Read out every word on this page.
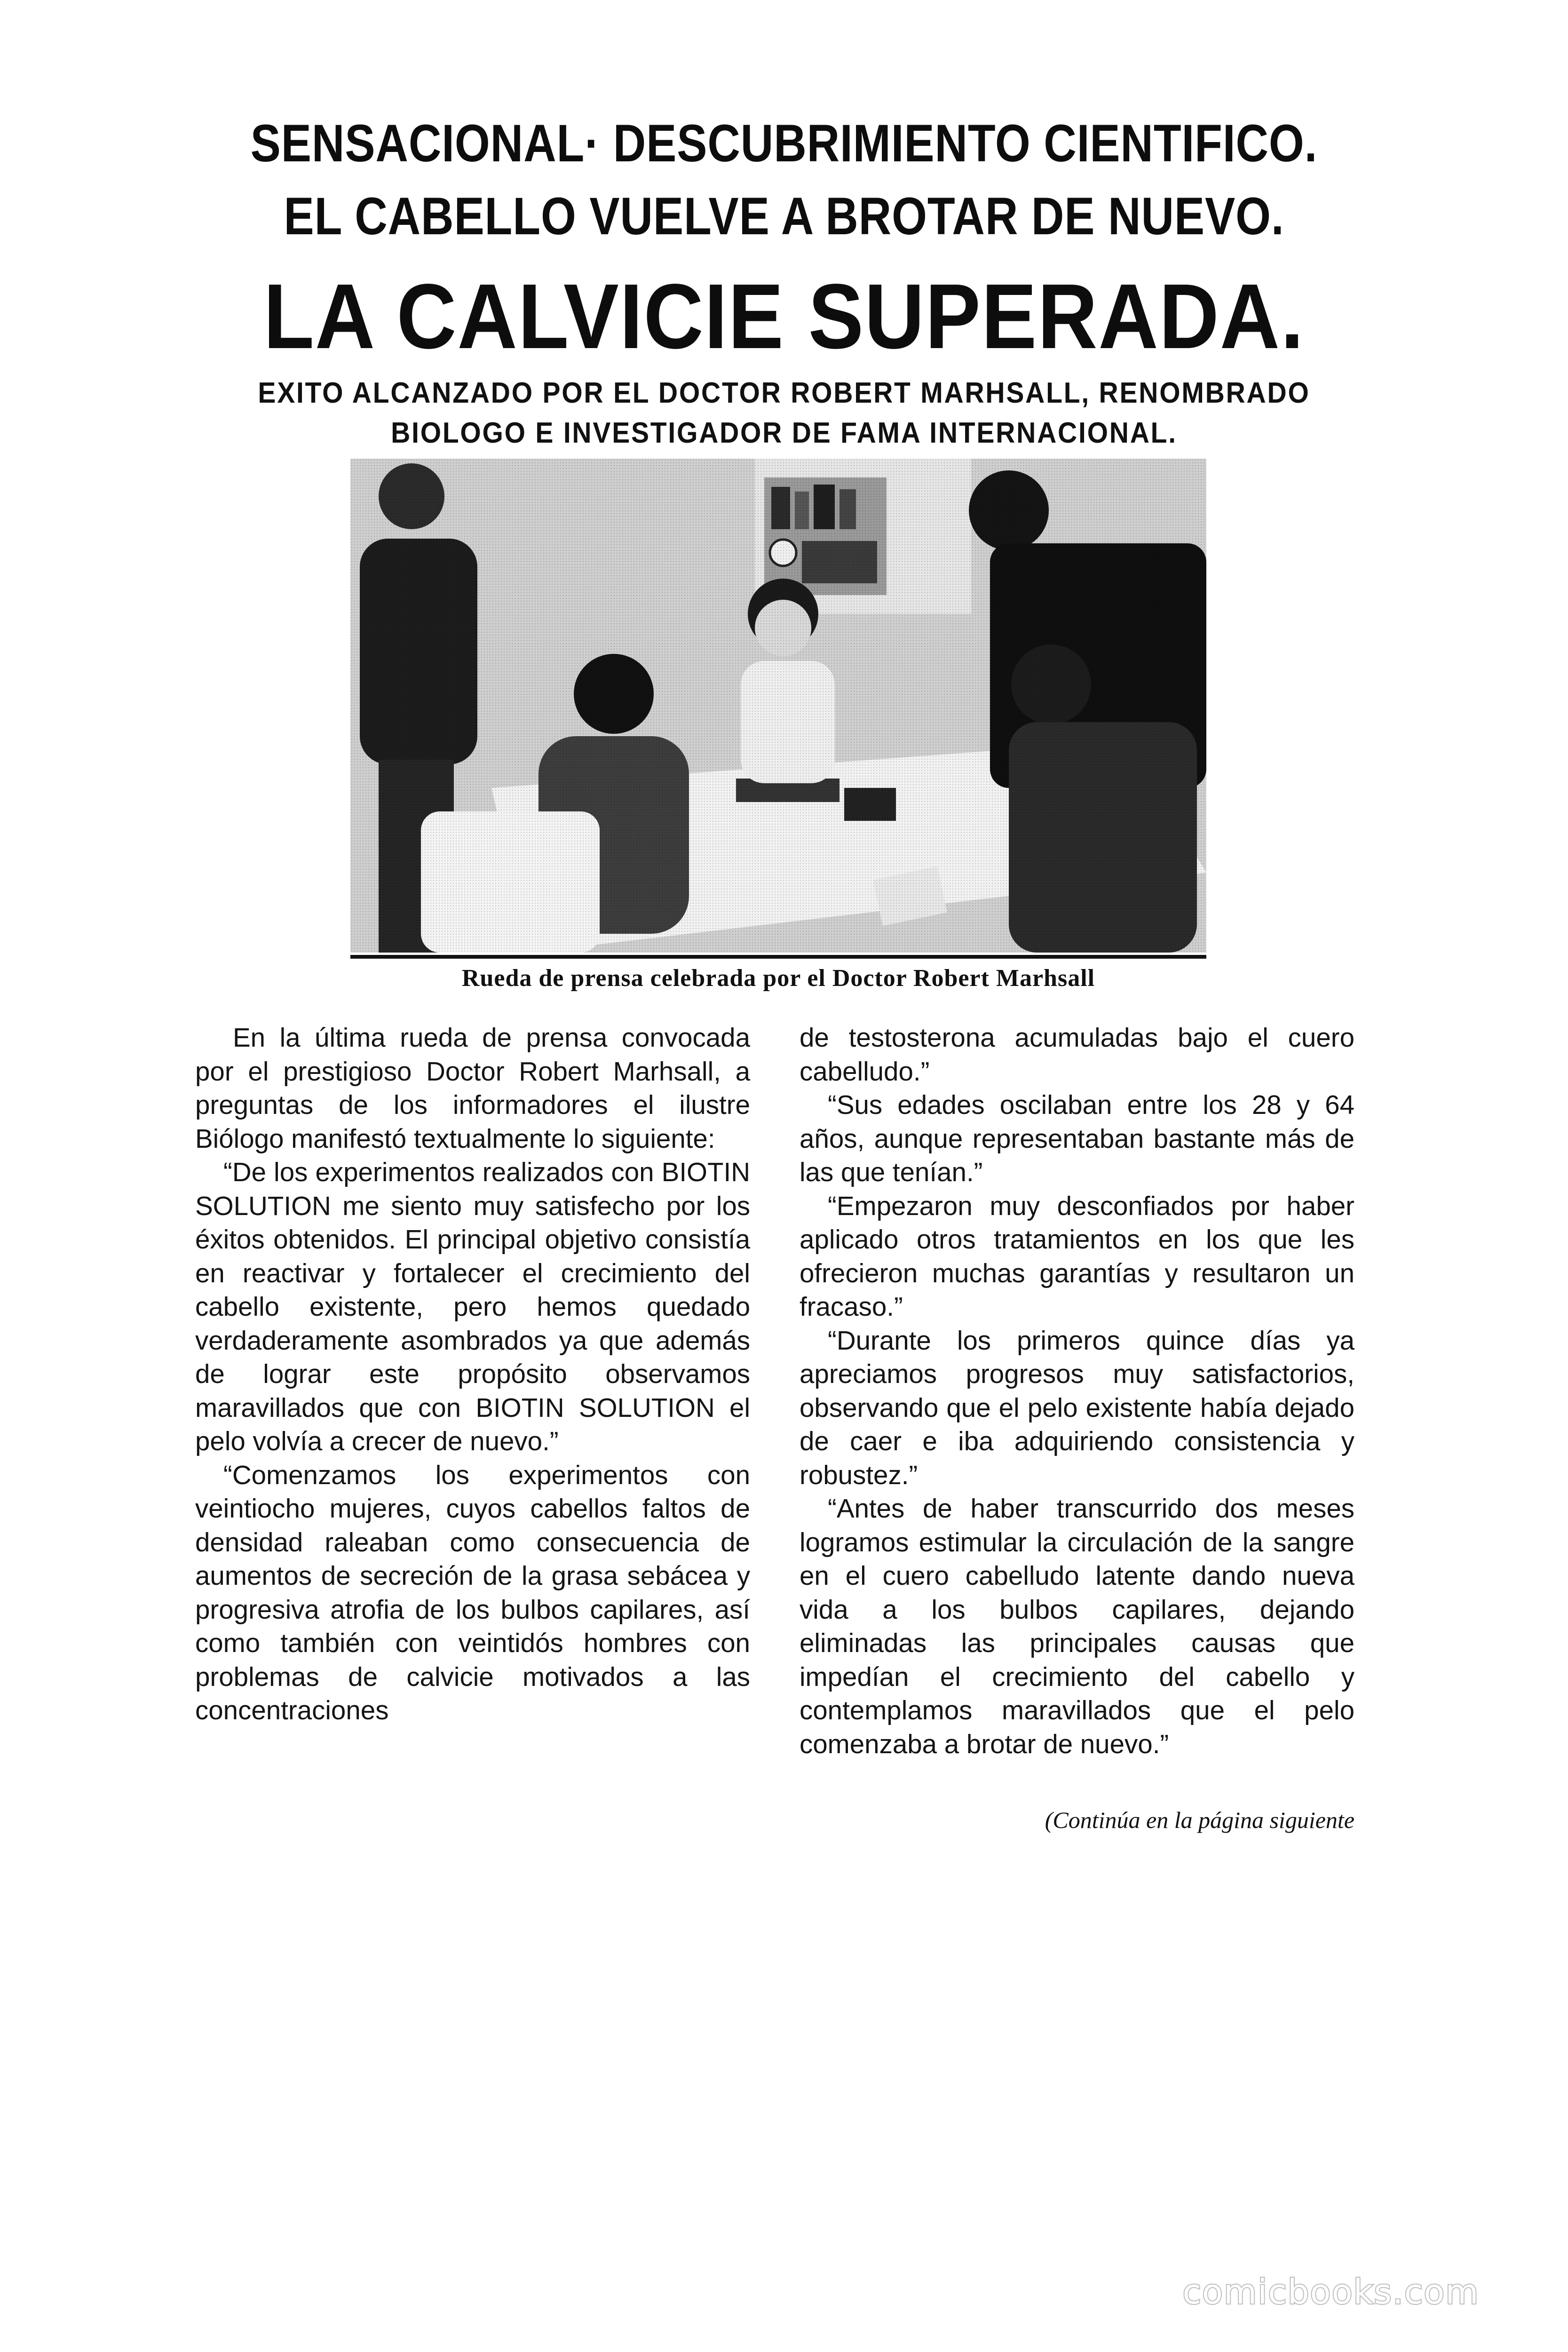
SENSACIONAL· DESCUBRIMIENTO CIENTIFICO.
EL CABELLO VUELVE A BROTAR DE NUEVO.
LA CALVICIE SUPERADA.
EXITO ALCANZADO POR EL DOCTOR ROBERT MARHSALL, RENOMBRADO
BIOLOGO E INVESTIGADOR DE FAMA INTERNACIONAL.
Rueda de prensa celebrada por el Doctor Robert Marhsall

En la última rueda de prensa convocada por el prestigioso Doctor Robert Marhsall, a preguntas de los informadores el ilustre Biólogo manifestó textualmente lo siguiente:

“De los experimentos realizados con BIOTIN SOLUTION me siento muy satisfecho por los éxitos obtenidos. El principal objetivo consistía en reactivar y fortalecer el crecimiento del cabello existente, pero hemos quedado verdaderamente asombrados ya que además de lograr este propósito observamos maravillados que con BIOTIN SOLUTION el pelo volvía a crecer de nuevo.”

“Comenzamos los experimentos con veintiocho mujeres, cuyos cabellos faltos de densidad raleaban como consecuencia de aumentos de secreción de la grasa sebácea y progresiva atrofia de los bulbos capilares, así como también con veintidós hombres con problemas de calvicie motivados a las concentraciones

de testosterona acumuladas bajo el cuero cabelludo.”

“Sus edades oscilaban entre los 28 y 64 años, aunque representaban bastante más de las que tenían.”

“Empezaron muy desconfiados por haber aplicado otros tratamientos en los que les ofrecieron muchas garantías y resultaron un fracaso.”

“Durante los primeros quince días ya apreciamos progresos muy satisfactorios, observando que el pelo existente había dejado de caer e iba adquiriendo consistencia y robustez.”

“Antes de haber transcurrido dos meses logramos estimular la circulación de la sangre en el cuero cabelludo latente dando nueva vida a los bulbos capilares, dejando eliminadas las principales causas que impedían el crecimiento del cabello y contemplamos maravillados que el pelo comenzaba a brotar de nuevo.”

(Continúa en la página siguiente
comicbooks.com
